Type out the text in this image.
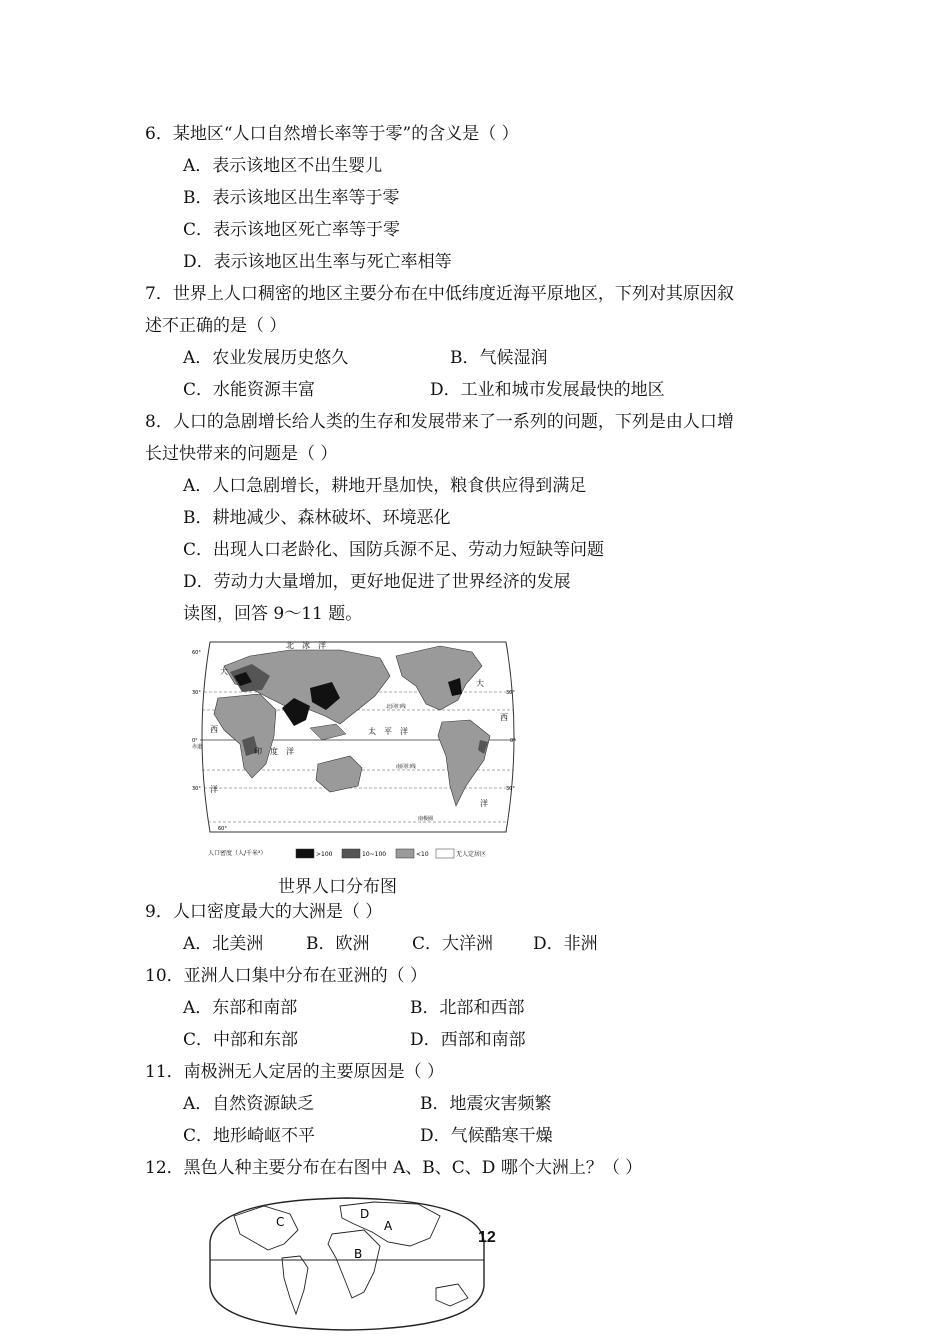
6．某地区“人口自然增长率等于零”的含义是（ ）
A．表示该地区不出生婴儿
B．表示该地区出生率等于零
C．表示该地区死亡率等于零
D．表示该地区出生率与死亡率相等
7．世界上人口稠密的地区主要分布在中低纬度近海平原地区，下列对其原因叙
述不正确的是（ ）
A．农业发展历史悠久	B．气候湿润
C．水能资源丰富	D．工业和城市发展最快的地区
8．人口的急剧增长给人类的生存和发展带来了一系列的问题，下列是由人口增
长过快带来的问题是（ ）
A．人口急剧增长，耕地开垦加快，粮食供应得到满足
B．耕地减少、森林破坏、环境恶化
C．出现人口老龄化、国防兵源不足、劳动力短缺等问题
D．劳动力大量增加，更好地促进了世界经济的发展
读图，回答 9～11 题。
北　冰　洋
大
西
洋
大
西
洋
太　平　洋
印　度　洋
北回归线
南回归线
赤道
南极圈
60°
30°
0°
30°
60°
30°
0°
30°
人口密度（人/千米²）	>100	10~100	<10	无人定居区
世界人口分布图
9．人口密度最大的大洲是（ ）
A．北美洲	B．欧洲	C．大洋洲 D．非洲
10．亚洲人口集中分布在亚洲的（ ）
A．东部和南部	B．北部和西部
C．中部和东部	D．西部和南部
11．南极洲无人定居的主要原因是（ ）
A．自然资源缺乏	B．地震灾害频繁
C．地形崎岖不平	D．气候酷寒干燥
12．黑色人种主要分布在右图中 A、B、C、D 哪个大洲上？（ ）
C
B
A
D
12
